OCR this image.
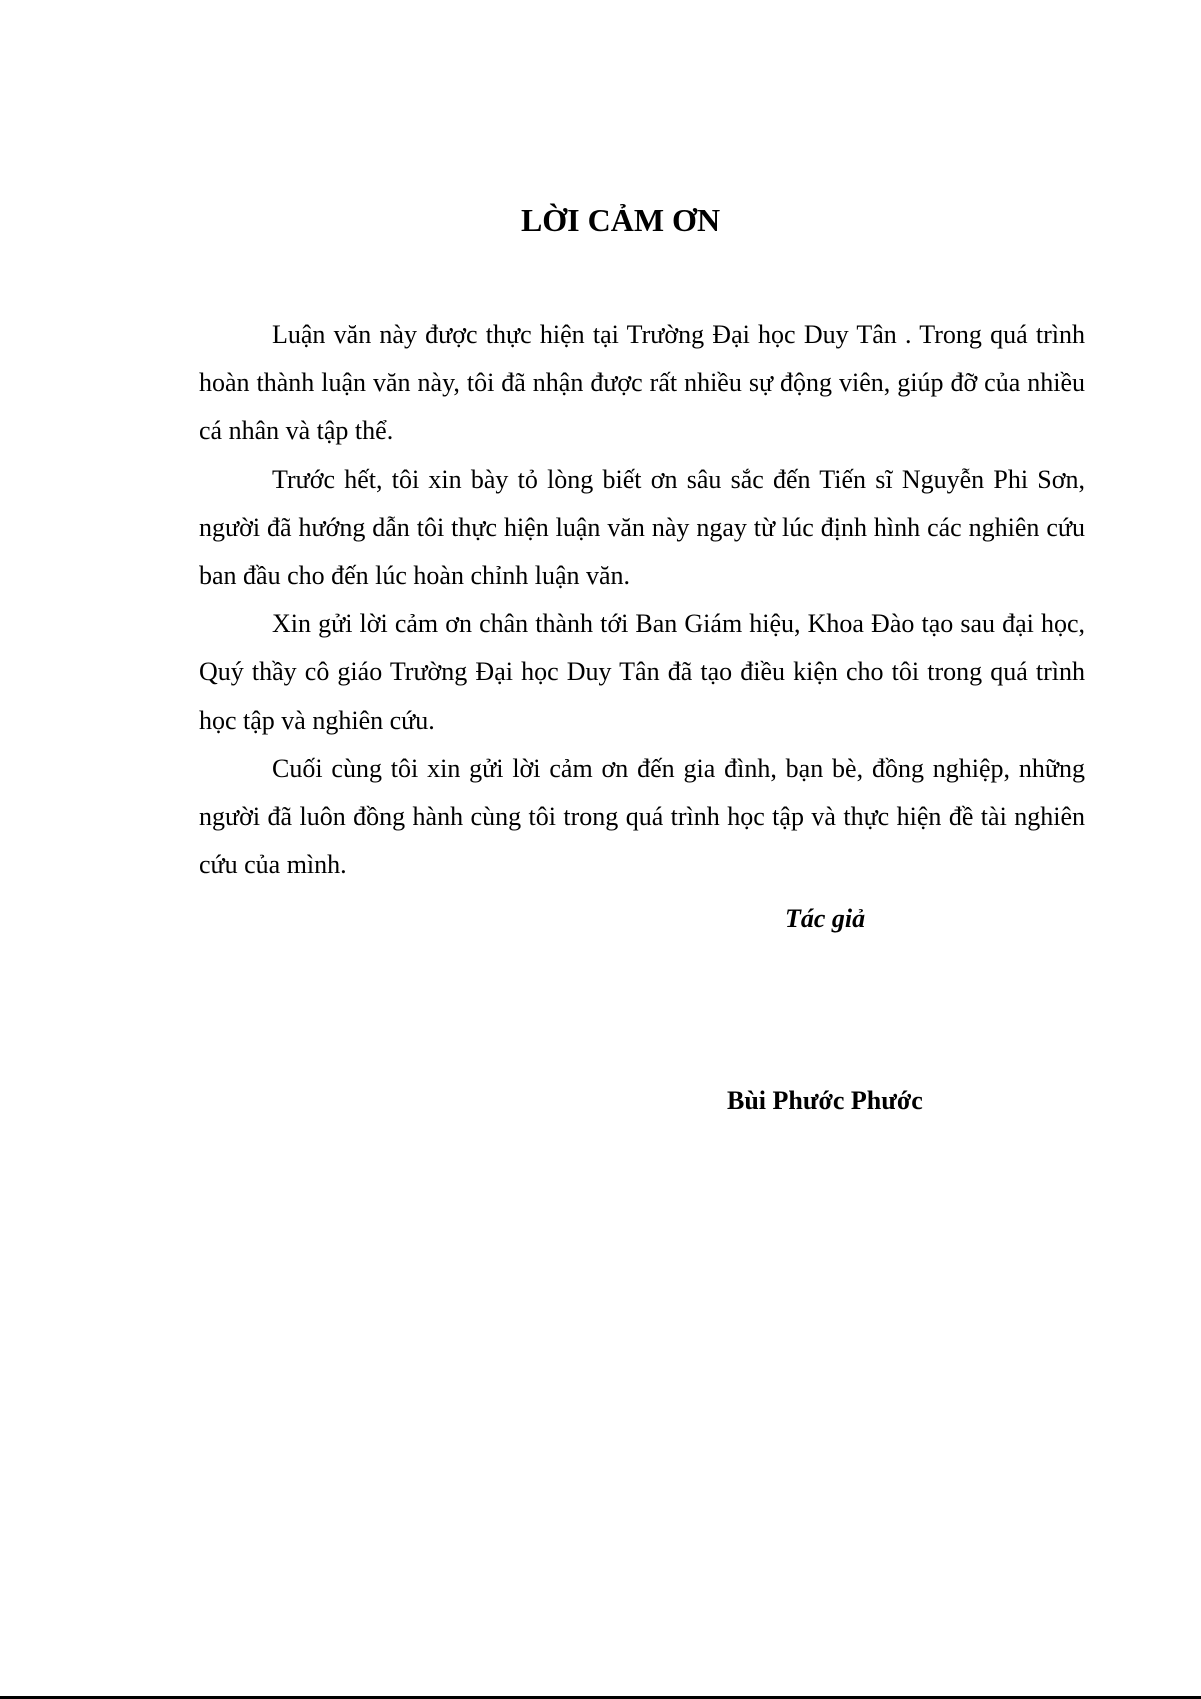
LỜI CẢM ƠN

Luận văn này được thực hiện tại Trường Đại học Duy Tân . Trong quá trình hoàn thành luận văn này, tôi đã nhận được rất nhiều sự động viên, giúp đỡ của nhiều cá nhân và tập thể.

Trước hết, tôi xin bày tỏ lòng biết ơn sâu sắc đến Tiến sĩ Nguyễn Phi Sơn, người đã hướng dẫn tôi thực hiện luận văn này ngay từ lúc định hình các nghiên cứu ban đầu cho đến lúc hoàn chỉnh luận văn.

Xin gửi lời cảm ơn chân thành tới Ban Giám hiệu, Khoa Đào tạo sau đại học, Quý thầy cô giáo Trường Đại học Duy Tân đã tạo điều kiện cho tôi trong quá trình học tập và nghiên cứu.

Cuối cùng tôi xin gửi lời cảm ơn đến gia đình, bạn bè, đồng nghiệp, những người đã luôn đồng hành cùng tôi trong quá trình học tập và thực hiện đề tài nghiên cứu của mình.

Tác giả

Bùi Phước Phước
